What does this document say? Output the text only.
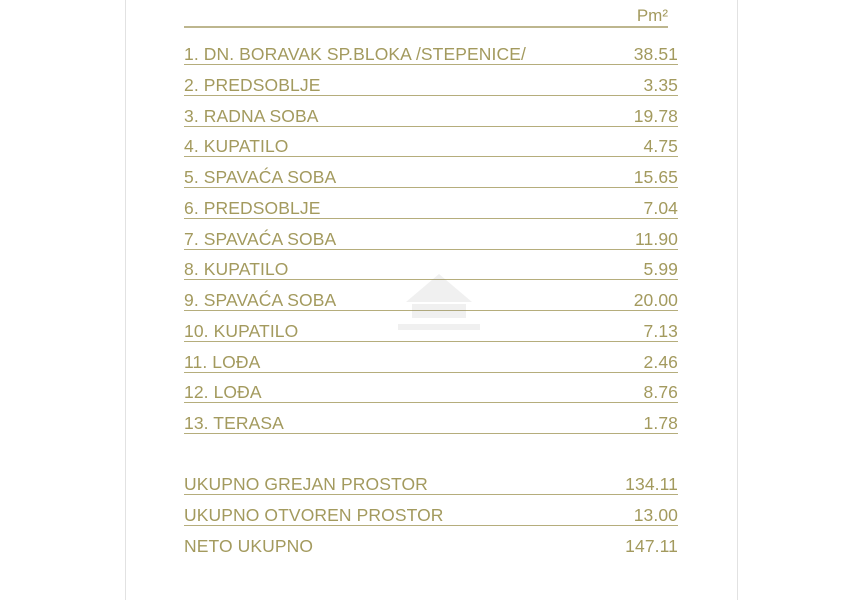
Pm²
1. DN. BORAVAK SP.BLOKA /STEPENICE/	38.51
2. PREDSOBLJE	3.35
3. RADNA SOBA	19.78
4. KUPATILO	4.75
5. SPAVAĆA SOBA	15.65
6. PREDSOBLJE	7.04
7. SPAVAĆA SOBA	11.90
8. KUPATILO	5.99
9. SPAVAĆA SOBA	20.00
10. KUPATILO	7.13
11. LOĐA	2.46
12. LOĐA	8.76
13. TERASA	1.78
UKUPNO GREJAN PROSTOR	134.11
UKUPNO OTVOREN PROSTOR	13.00
NETO UKUPNO	147.11
